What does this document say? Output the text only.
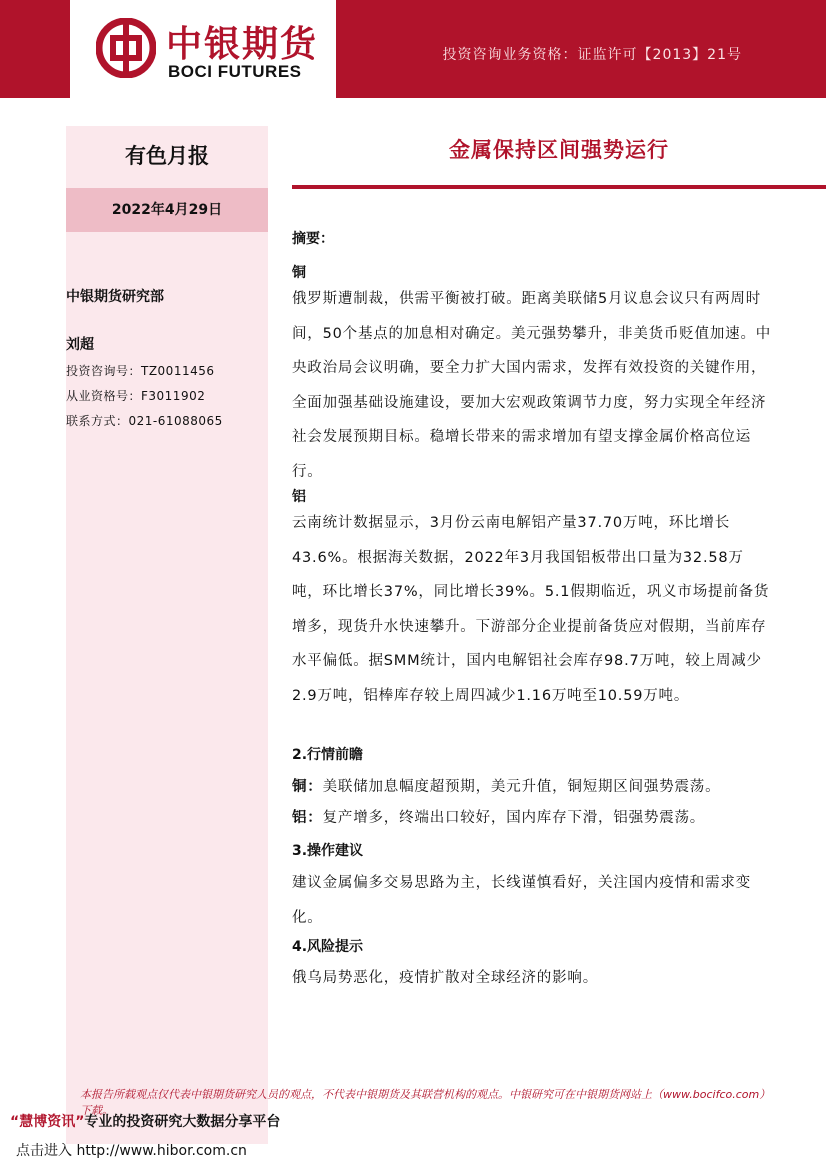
中银期货
BOCI FUTURES
投资咨询业务资格：证监许可【2013】21号
有色月报
2022年4月29日
中银期货研究部
刘超
投资咨询号：TZ0011456
从业资格号：F3011902
联系方式：021-61088065
金属保持区间强势运行
摘要：
铜
俄罗斯遭制裁，供需平衡被打破。距离美联储5月议息会议只有两周时间，50个基点的加息相对确定。美元强势攀升，非美货币贬值加速。中央政治局会议明确，要全力扩大国内需求，发挥有效投资的关键作用，全面加强基础设施建设，要加大宏观政策调节力度，努力实现全年经济社会发展预期目标。稳增长带来的需求增加有望支撑金属价格高位运行。
铝
云南统计数据显示，3月份云南电解铝产量37.70万吨，环比增长43.6%。根据海关数据，2022年3月我国铝板带出口量为32.58万吨，环比增长37%，同比增长39%。5.1假期临近，巩义市场提前备货增多，现货升水快速攀升。下游部分企业提前备货应对假期，当前库存水平偏低。据SMM统计，国内电解铝社会库存98.7万吨，较上周减少2.9万吨，铝棒库存较上周四减少1.16万吨至10.59万吨。
2.行情前瞻
铜：美联储加息幅度超预期，美元升值，铜短期区间强势震荡。
铝：复产增多，终端出口较好，国内库存下滑，铝强势震荡。
3.操作建议
建议金属偏多交易思路为主，长线谨慎看好，关注国内疫情和需求变化。
4.风险提示
俄乌局势恶化，疫情扩散对全球经济的影响。
本报告所载观点仅代表中银期货研究人员的观点，不代表中银期货及其联营机构的观点。中银研究可在中银期货网站上（www.bocifco.com）下载。
“慧博资讯”专业的投资研究大数据分享平台
点击进入 http://www.hibor.com.cn
